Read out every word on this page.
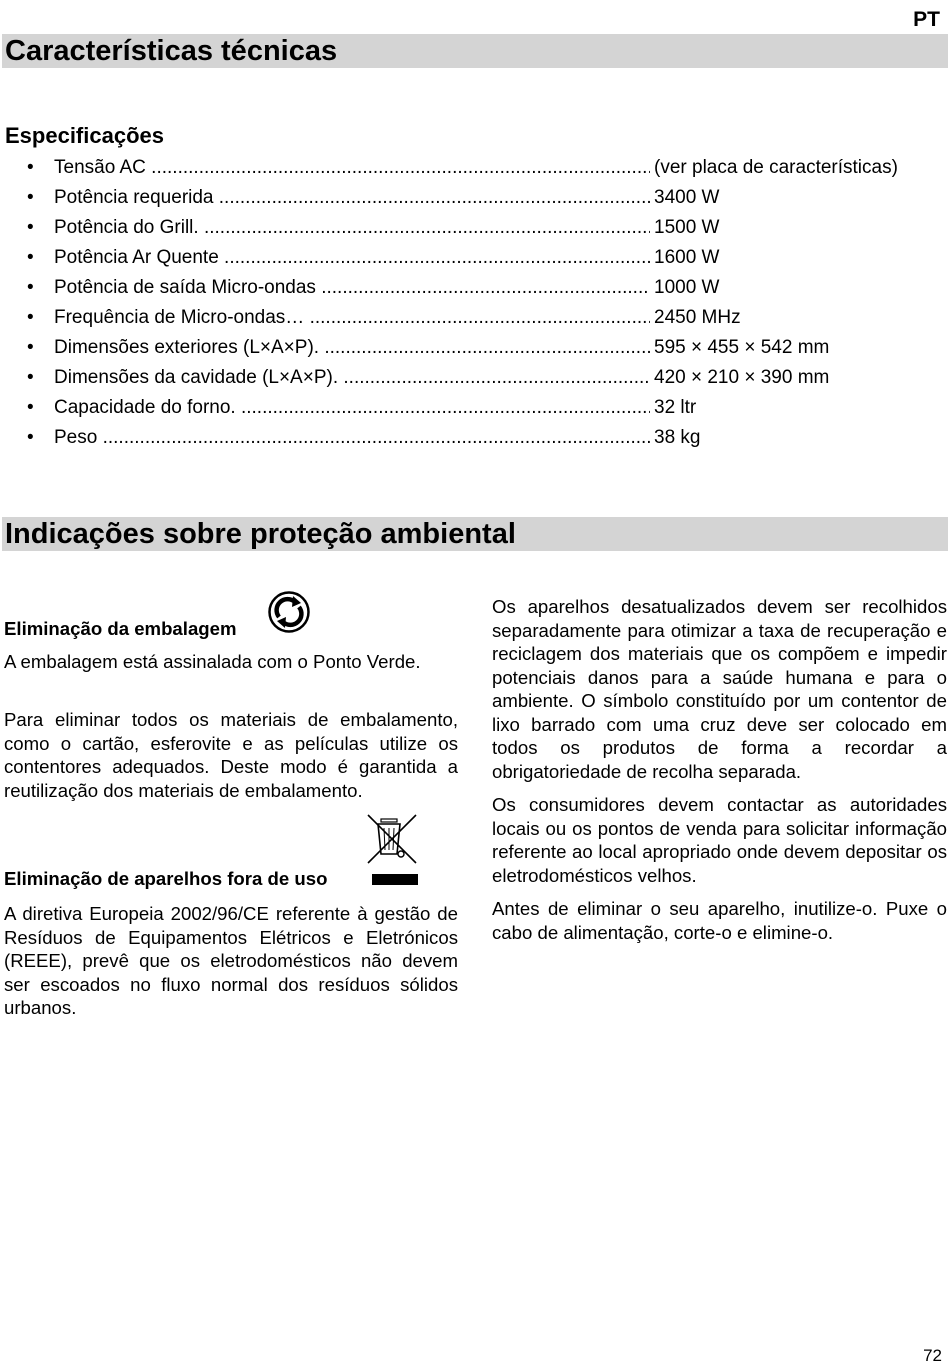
PT
Características técnicas
Especificações
• Tensão AC .....	(ver placa de características)
• Potência requerida .....	3400 W
• Potência do Grill. .....	1500 W
• Potência Ar Quente .....	1600 W
• Potência de saída Micro-ondas .....	1000 W
• Frequência de Micro-ondas… .....	2450 MHz
• Dimensões exteriores (L×A×P). .....	595 × 455 × 542 mm
• Dimensões da cavidade (L×A×P). .....	420 × 210 × 390 mm
• Capacidade do forno. .....	32 ltr
• Peso .....	38 kg
Indicações sobre proteção ambiental
Eliminação da embalagem
A embalagem está assinalada com o Ponto Verde.
Para eliminar todos os materiais de embalamento, como o cartão, esferovite e as películas utilize os contentores adequados. Deste modo é garantida a reutilização dos materiais de embalamento.
Eliminação de aparelhos fora de uso
A diretiva Europeia 2002/96/CE referente à gestão de Resíduos de Equipamentos Elétricos e Eletrónicos (REEE), prevê que os eletrodomésticos não devem ser escoados no fluxo normal dos resíduos sólidos urbanos.

Os aparelhos desatualizados devem ser recolhidos separadamente para otimizar a taxa de recuperação e reciclagem dos materiais que os compõem e impedir potenciais danos para a saúde humana e para o ambiente. O símbolo constituído por um contentor de lixo barrado com uma cruz deve ser colocado em todos os produtos de forma a recordar a obrigatoriedade de recolha separada.

Os consumidores devem contactar as autoridades locais ou os pontos de venda para solicitar informação referente ao local apropriado onde devem depositar os eletrodomésticos velhos.

Antes de eliminar o seu aparelho, inutilize-o. Puxe o cabo de alimentação, corte-o e elimine-o.

72
